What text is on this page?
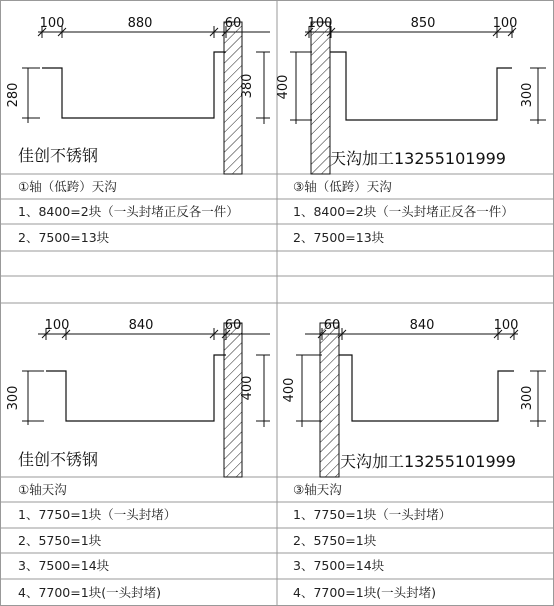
100	880	60
280	380
佳创不锈钢
100	850	100
400	300
天沟加工13255101999
100	840	60
300	400
佳创不锈钢
60	840	100
400	300
天沟加工13255101999
①轴（低跨）天沟
1、8400=2块（一头封堵正反各一件）
2、7500=13块
③轴（低跨）天沟
1、8400=2块（一头封堵正反各一件）
2、7500=13块
①轴天沟
1、7750=1块（一头封堵）
2、5750=1块
3、7500=14块
4、7700=1块(一头封堵)
③轴天沟
1、7750=1块（一头封堵）
2、5750=1块
3、7500=14块
4、7700=1块(一头封堵)
